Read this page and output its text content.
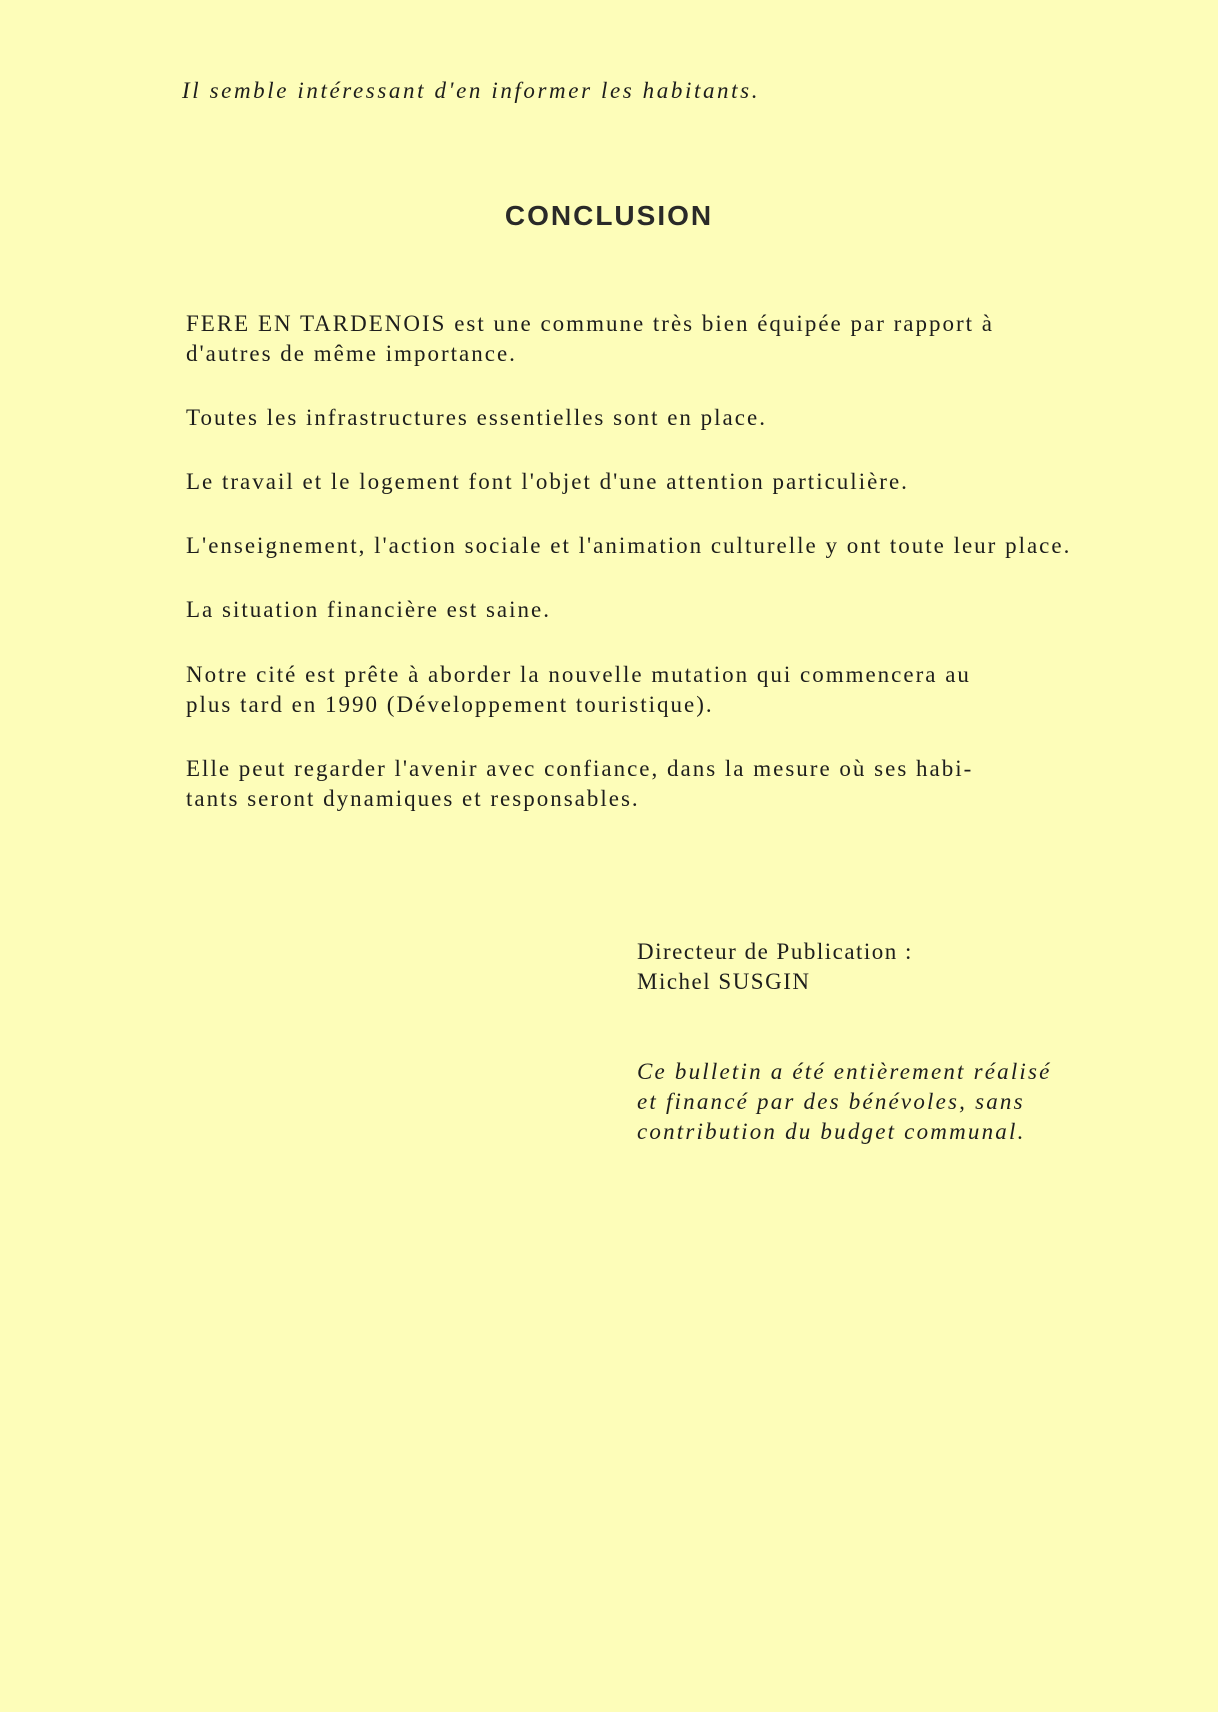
Il semble intéressant d'en informer les habitants.
CONCLUSION
FERE EN TARDENOIS est une commune très bien équipée par rapport à
d'autres de même importance.
Toutes les infrastructures essentielles sont en place.
Le travail et le logement font l'objet d'une attention particulière.
L'enseignement, l'action sociale et l'animation culturelle y ont toute leur place.
La situation financière est saine.
Notre cité est prête à aborder la nouvelle mutation qui commencera au
plus tard en 1990 (Développement touristique).
Elle peut regarder l'avenir avec confiance, dans la mesure où ses habi-
tants seront dynamiques et responsables.
Directeur de Publication :
Michel SUSGIN
Ce bulletin a été entièrement réalisé
et financé par des bénévoles, sans
contribution du budget communal.
